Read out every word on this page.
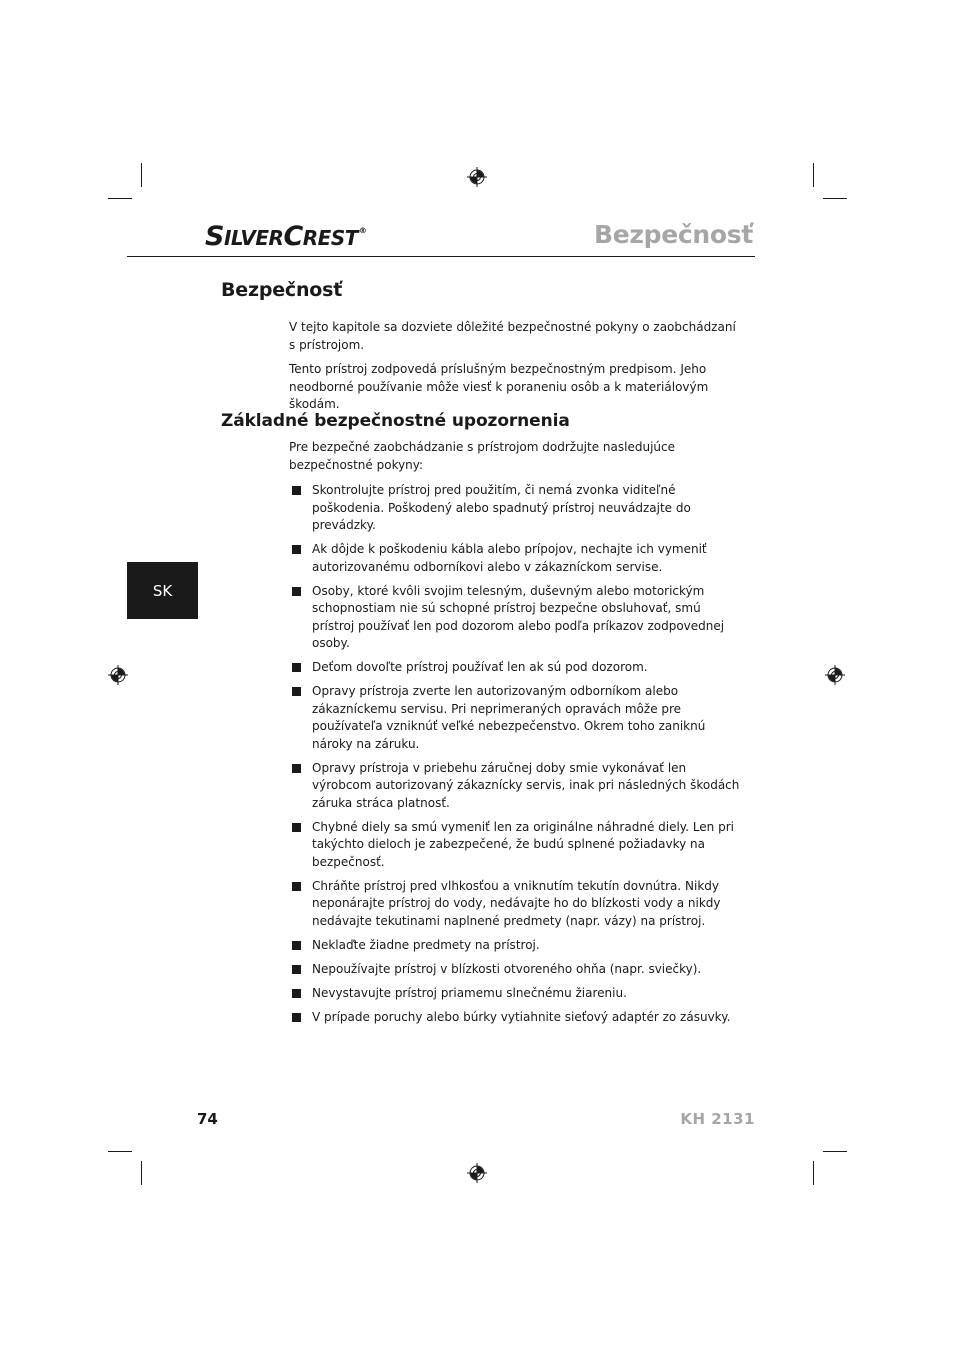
S ILVER C REST ®	Bezpečnosť
Bezpečnosť
V tejto kapitole sa dozviete dôležité bezpečnostné pokyny o zaobchádzaní s prístrojom.
Tento prístroj zodpovedá príslušným bezpečnostným predpisom. Jeho neodborné používanie môže viesť k poraneniu osôb a k materiálovým škodám.
Základné bezpečnostné upozornenia
Pre bezpečné zaobchádzanie s prístrojom dodržujte nasledujúce bezpečnostné pokyny:
Skontrolujte prístroj pred použitím, či nemá zvonka viditeľné poškodenia. Poškodený alebo spadnutý prístroj neuvádzajte do prevádzky.
Ak dôjde k poškodeniu kábla alebo prípojov, nechajte ich vymeniť autorizovanému odborníkovi alebo v zákazníckom servise.
Osoby, ktoré kvôli svojim telesným, duševným alebo motorickým schopnostiam nie sú schopné prístroj bezpečne obsluhovať, smú prístroj používať len pod dozorom alebo podľa príkazov zodpovednej osoby.
Deťom dovoľte prístroj používať len ak sú pod dozorom.
Opravy prístroja zverte len autorizovaným odborníkom alebo zákazníckemu servisu. Pri neprimeraných opravách môže pre používateľa vzniknúť veľké nebezpečenstvo. Okrem toho zaniknú nároky na záruku.
Opravy prístroja v priebehu záručnej doby smie vykonávať len výrobcom autorizovaný zákaznícky servis, inak pri následných škodách záruka stráca platnosť.
Chybné diely sa smú vymeniť len za originálne náhradné diely. Len pri takýchto dieloch je zabezpečené, že budú splnené požiadavky na bezpečnosť.
Chráňte prístroj pred vlhkosťou a vniknutím tekutín dovnútra. Nikdy neponárajte prístroj do vody, nedávajte ho do blízkosti vody a nikdy nedávajte tekutinami naplnené predmety (napr. vázy) na prístroj.
Neklaďte žiadne predmety na prístroj.
Nepoužívajte prístroj v blízkosti otvoreného ohňa (napr. sviečky).
Nevystavujte prístroj priamemu slnečnému žiareniu.
V prípade poruchy alebo búrky vytiahnite sieťový adaptér zo zásuvky.
SK
74	KH 2131
